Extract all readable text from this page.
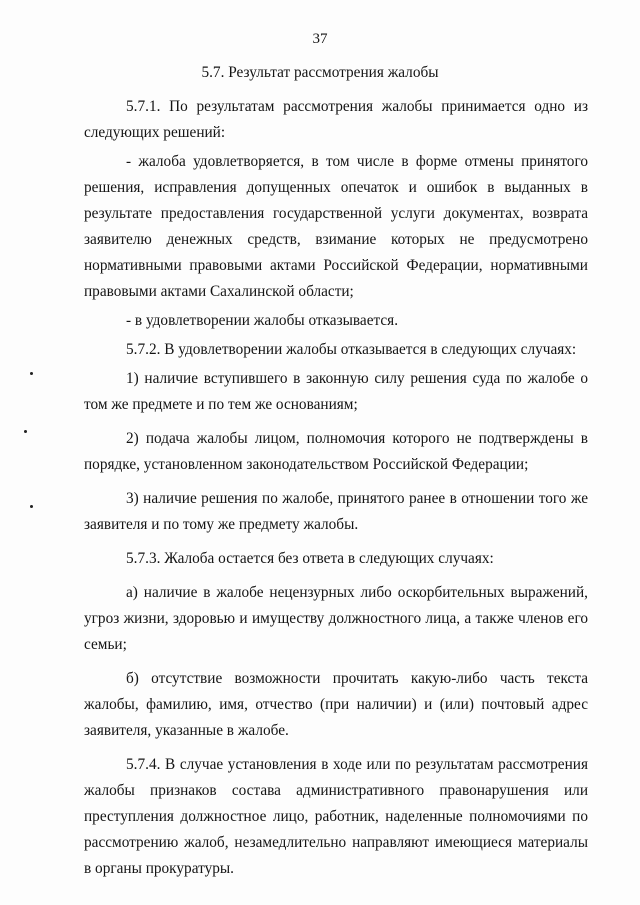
37
5.7. Результат рассмотрения жалобы

5.7.1. По результатам рассмотрения жалобы принимается одно из следующих решений:

- жалоба удовлетворяется, в том числе в форме отмены принятого решения, исправления допущенных опечаток и ошибок в выданных в результате предоставления государственной услуги документах, возврата заявителю денежных средств, взимание которых не предусмотрено нормативными правовыми актами Российской Федерации, нормативными правовыми актами Сахалинской области;

- в удовлетворении жалобы отказывается.

5.7.2. В удовлетворении жалобы отказывается в следующих случаях:

1) наличие вступившего в законную силу решения суда по жалобе о том же предмете и по тем же основаниям;

2) подача жалобы лицом, полномочия которого не подтверждены в порядке, установленном законодательством Российской Федерации;

3) наличие решения по жалобе, принятого ранее в отношении того же заявителя и по тому же предмету жалобы.

5.7.3. Жалоба остается без ответа в следующих случаях:

а) наличие в жалобе нецензурных либо оскорбительных выражений, угроз жизни, здоровью и имуществу должностного лица, а также членов его семьи;

б) отсутствие возможности прочитать какую-либо часть текста жалобы, фамилию, имя, отчество (при наличии) и (или) почтовый адрес заявителя, указанные в жалобе.

5.7.4. В случае установления в ходе или по результатам рассмотрения жалобы признаков состава административного правонарушения или преступления должностное лицо, работник, наделенные полномочиями по рассмотрению жалоб, незамедлительно направляют имеющиеся материалы в органы прокуратуры.
